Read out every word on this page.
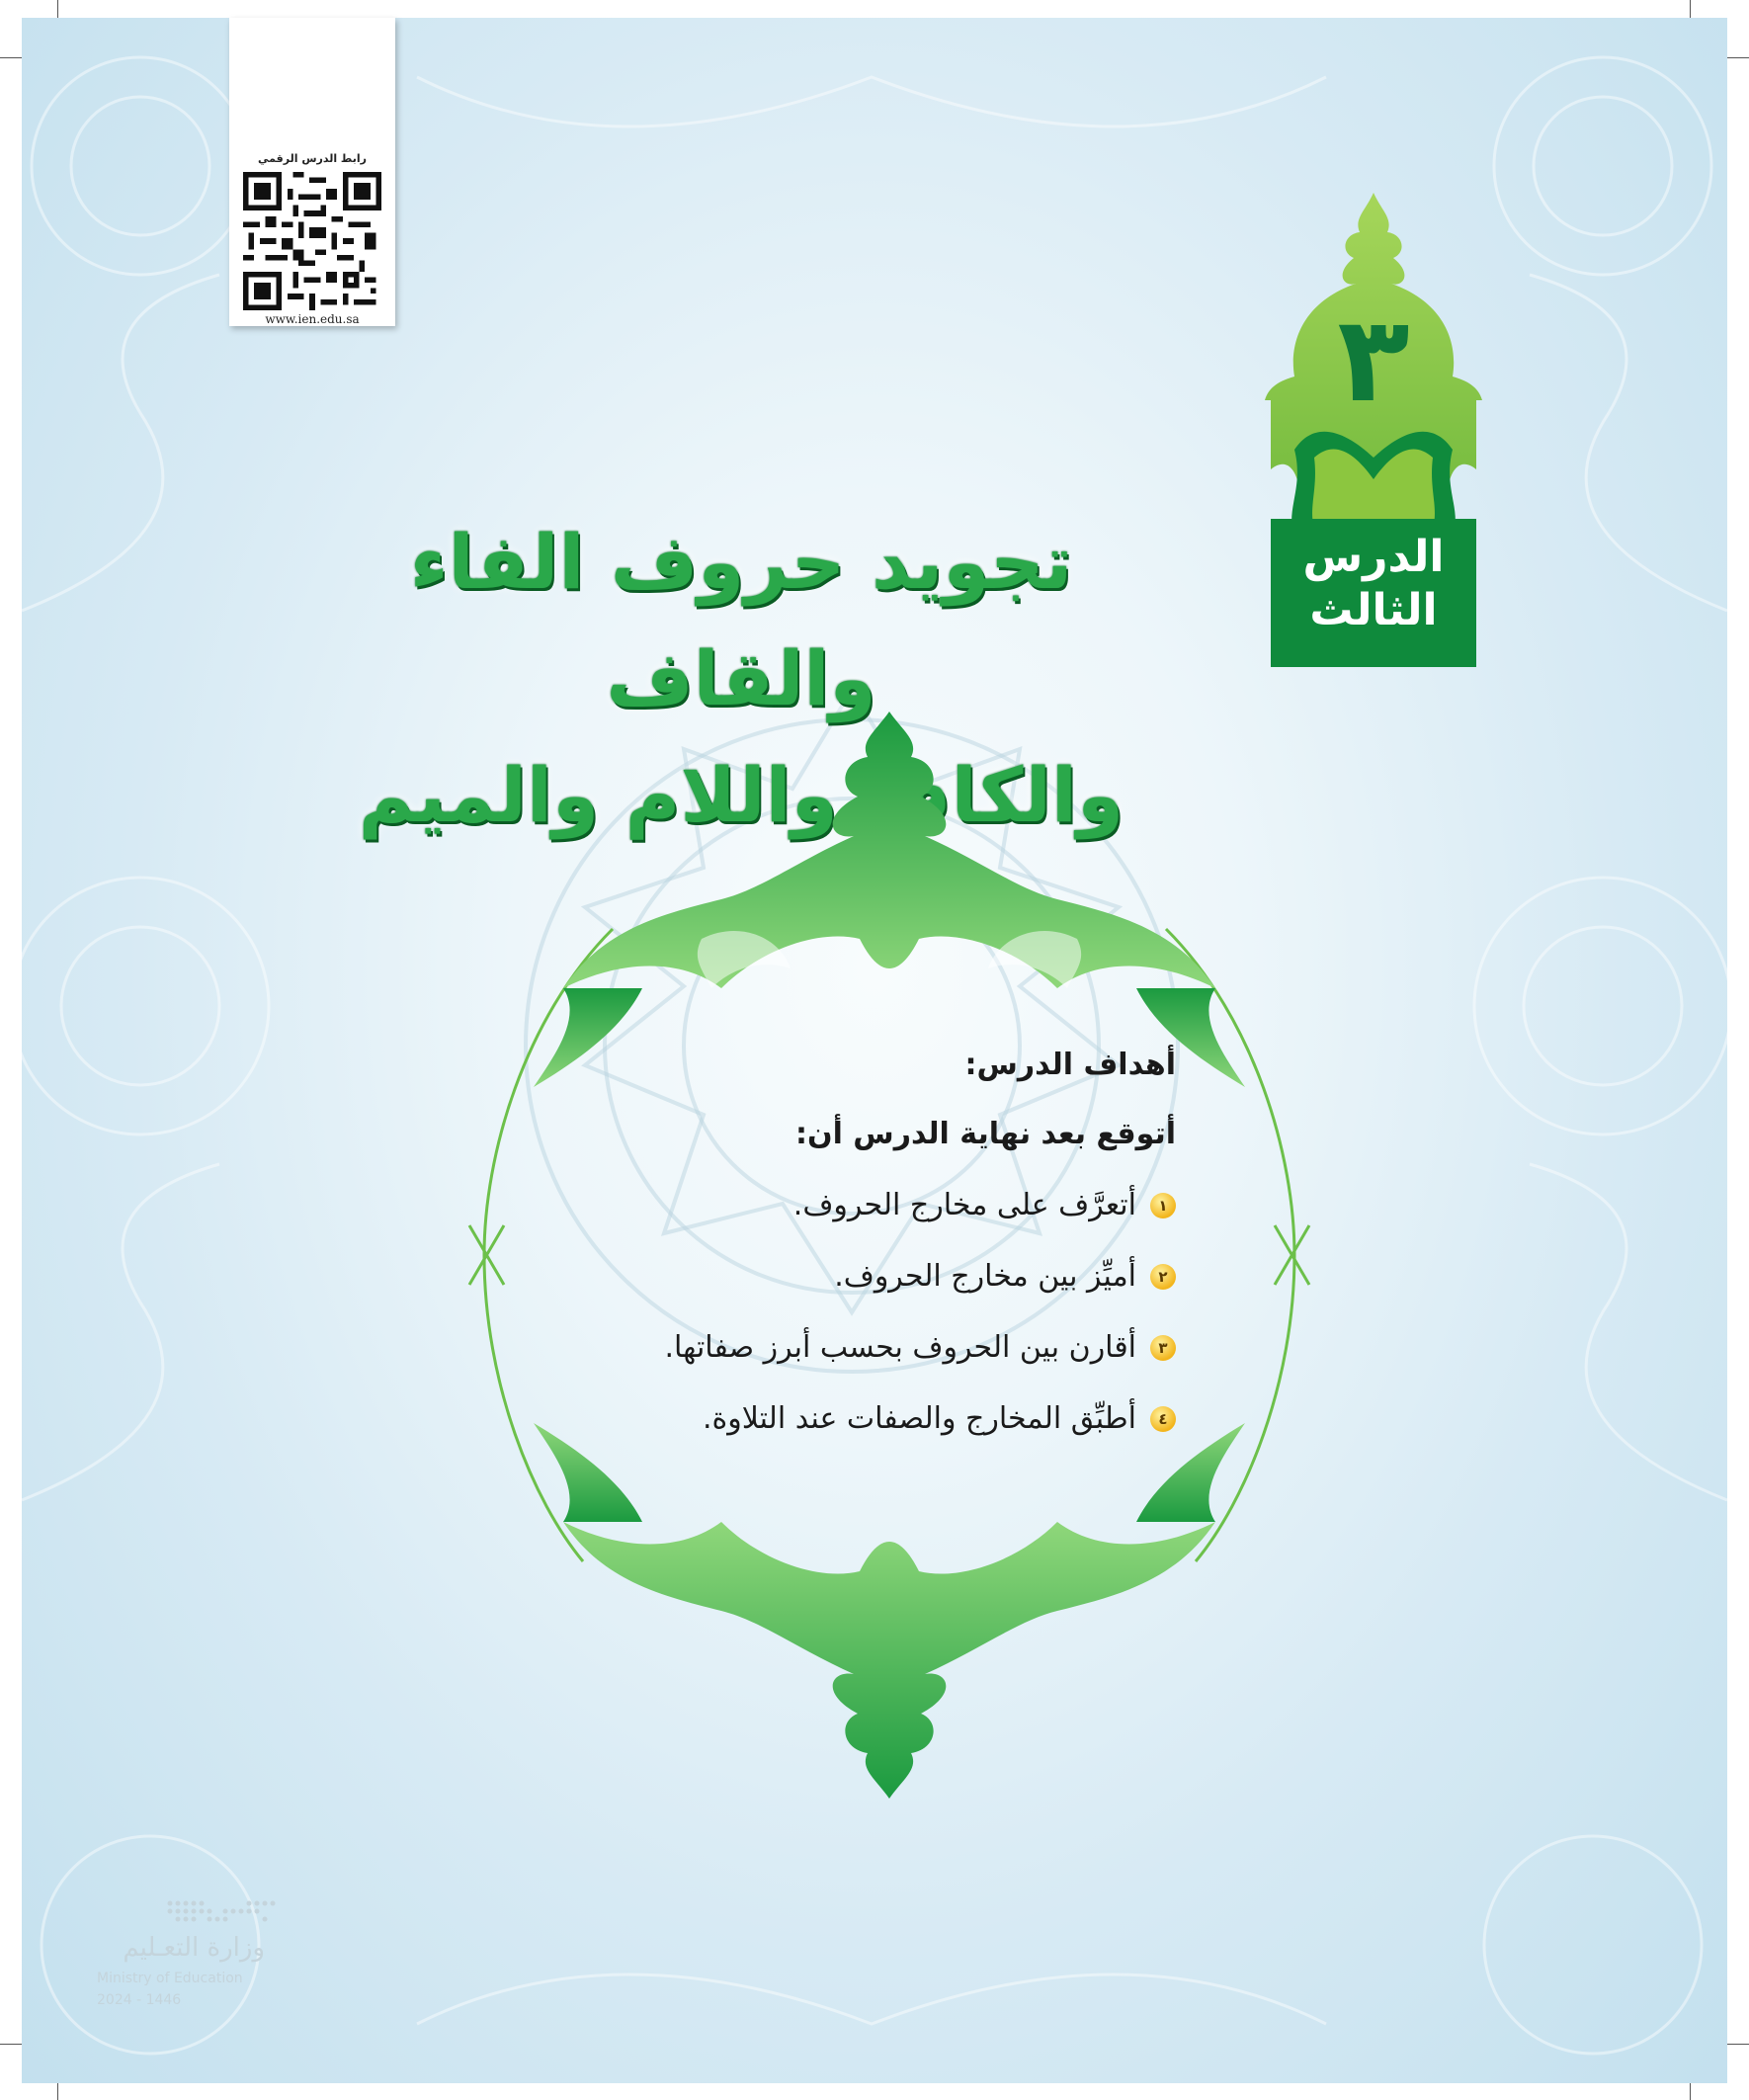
رابط الدرس الرقمي
www.ien.edu.sa	٣
الدرس
الثالث
تجويد حروف الفاء والقاف
والكاف واللام والميم
أهداف الدرس:
أتوقع بعد نهاية الدرس أن:
١
أتعرَّف على مخارج الحروف.
٢
أميِّز بين مخارج الحروف.
٣
أقارن بين الحروف بحسب أبرز صفاتها.
٤
أطبِّق المخارج والصفات عند التلاوة.
وزارة التعـليم
Ministry of Education
2024 - 1446
